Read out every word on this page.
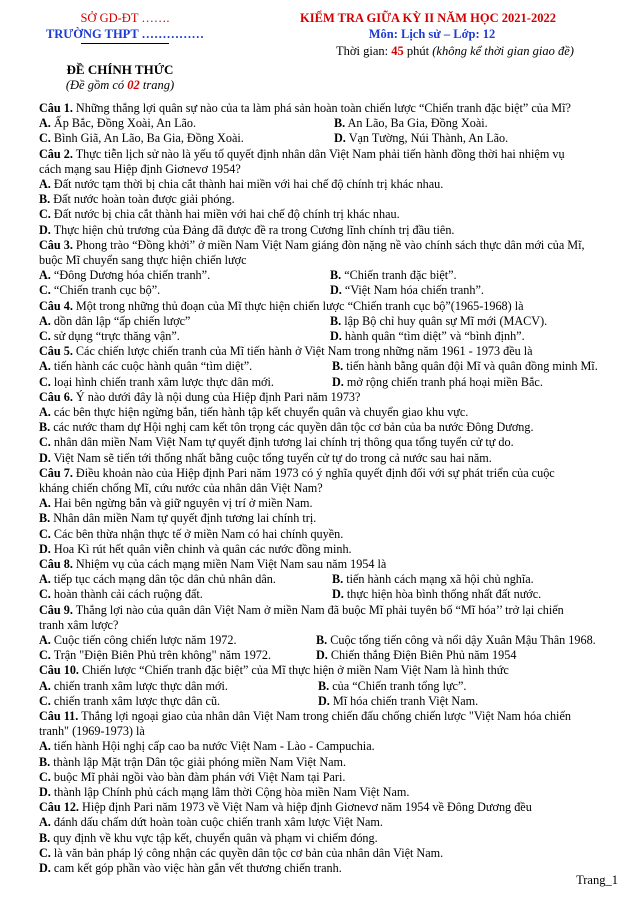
SỞ GD-ĐT …….
TRƯỜNG THPT ……………
KIỂM TRA GIỮA KỲ II NĂM HỌC 2021-2022
Môn: Lịch sử – Lớp: 12
Thời gian: 45 phút (không kể thời gian giao đề)
ĐỀ CHÍNH THỨC
(Đề gồm có 02 trang)
Câu 1. Những thắng lợi quân sự nào của ta làm phá sản hoàn toàn chiến lược “Chiến tranh đặc biệt” của Mĩ?
A. Ấp Bắc, Đồng Xoài, An Lão.	B. An Lão, Ba Gia, Đồng Xoài.
C. Bình Giã, An Lão, Ba Gia, Đồng Xoài.	D. Vạn Tường, Núi Thành, An Lão.
Câu 2. Thực tiễn lịch sử nào là yếu tố quyết định nhân dân Việt Nam phải tiến hành đồng thời hai nhiệm vụ
cách mạng sau Hiệp định Giơnevơ 1954?
A. Đất nước tạm thời bị chia cắt thành hai miền với hai chế độ chính trị khác nhau.
B. Đất nước hoàn toàn được giải phóng.
C. Đất nước bị chia cắt thành hai miền với hai chế độ chính trị khác nhau.
D. Thực hiện chủ trương của Đảng đã được đề ra trong Cương lĩnh chính trị đầu tiên.
Câu 3. Phong trào “Đồng khởi” ở miền Nam Việt Nam giáng đòn nặng nề vào chính sách thực dân mới của Mĩ,
buộc Mĩ chuyển sang thực hiện chiến lược
A. “Đông Dương hóa chiến tranh”.	B. “Chiến tranh đặc biệt”.
C. “Chiến tranh cục bộ”.	D. “Việt Nam hóa chiến tranh”.
Câu 4. Một trong những thủ đoạn của Mĩ thực hiện chiến lược “Chiến tranh cục bộ”(1965-1968) là
A. dồn dân lập “ấp chiến lược”	B. lập Bộ chỉ huy quân sự Mĩ mới (MACV).
C. sử dụng “trực thăng vận”.	D. hành quân “tìm diệt” và “bình định”.
Câu 5. Các chiến lược chiến tranh của Mĩ tiến hành ở Việt Nam trong những năm 1961 - 1973 đều là
A. tiến hành các cuộc hành quân “tìm diệt”.	B. tiến hành bằng quân đội Mĩ và quân đồng minh Mĩ.
C. loại hình chiến tranh xâm lược thực dân mới.	D. mở rộng chiến tranh phá hoại miền Bắc.
Câu 6. Ý nào dưới đây là nội dung của Hiệp định Pari năm 1973?
A. các bên thực hiện ngừng bắn, tiến hành tập kết chuyển quân và chuyển giao khu vực.
B. các nước tham dự Hội nghị cam kết tôn trọng các quyền dân tộc cơ bản của ba nước Đông Dương.
C. nhân dân miền Nam Việt Nam tự quyết định tương lai chính trị thông qua tổng tuyển cử tự do.
D. Việt Nam sẽ tiến tới thống nhất bằng cuộc tổng tuyển cử tự do trong cả nước sau hai năm.
Câu 7. Điều khoản nào của Hiệp định Pari năm 1973 có ý nghĩa quyết định đối với sự phát triển của cuộc
kháng chiến chống Mĩ, cứu nước của nhân dân Việt Nam?
A. Hai bên ngừng bắn và giữ nguyên vị trí ở miền Nam.
B. Nhân dân miền Nam tự quyết định tương lai chính trị.
C. Các bên thừa nhận thực tế ở miền Nam có hai chính quyền.
D. Hoa Kì rút hết quân viễn chinh và quân các nước đồng minh.
Câu 8. Nhiệm vụ của cách mạng miền Nam Việt Nam sau năm 1954 là
A. tiếp tục cách mạng dân tộc dân chủ nhân dân.	B. tiến hành cách mạng xã hội chủ nghĩa.
C. hoàn thành cải cách ruộng đất.	D. thực hiện hòa bình thống nhất đất nước.
Câu 9. Thắng lợi nào của quân dân Việt Nam ở miền Nam đã buộc Mĩ phải tuyên bố “Mĩ hóa’’ trở lại chiến
tranh xâm lược?
A. Cuộc tiến công chiến lược năm 1972.	B. Cuộc tổng tiến công và nổi dậy Xuân Mậu Thân 1968.
C. Trận "Điện Biên Phủ trên không" năm 1972.	D. Chiến thắng Điện Biên Phủ năm 1954
Câu 10. Chiến lược “Chiến tranh đặc biệt” của Mĩ thực hiện ở miền Nam Việt Nam là hình thức
A. chiến tranh xâm lược thực dân mới.	B. của “Chiến tranh tổng lực”.
C. chiến tranh xâm lược thực dân cũ.	D. Mĩ hóa chiến tranh Việt Nam.
Câu 11. Thắng lợi ngoại giao của nhân dân Việt Nam trong chiến đấu chống chiến lược "Việt Nam hóa chiến
tranh" (1969-1973) là
A. tiến hành Hội nghị cấp cao ba nước Việt Nam - Lào - Campuchia.
B. thành lập Mặt trận Dân tộc giải phóng miền Nam Việt Nam.
C. buộc Mĩ phải ngồi vào bàn đàm phán với Việt Nam tại Pari.
D. thành lập Chính phủ cách mạng lâm thời Cộng hòa miền Nam Việt Nam.
Câu 12. Hiệp định Pari năm 1973 về Việt Nam và hiệp định Giơnevơ năm 1954 về Đông Dương đều
A. đánh dấu chấm dứt hoàn toàn cuộc chiến tranh xâm lược Việt Nam.
B. quy định về khu vực tập kết, chuyển quân và phạm vi chiếm đóng.
C. là văn bản pháp lý công nhận các quyền dân tộc cơ bản của nhân dân Việt Nam.
D. cam kết góp phần vào việc hàn gắn vết thương chiến tranh.
Trang_1
